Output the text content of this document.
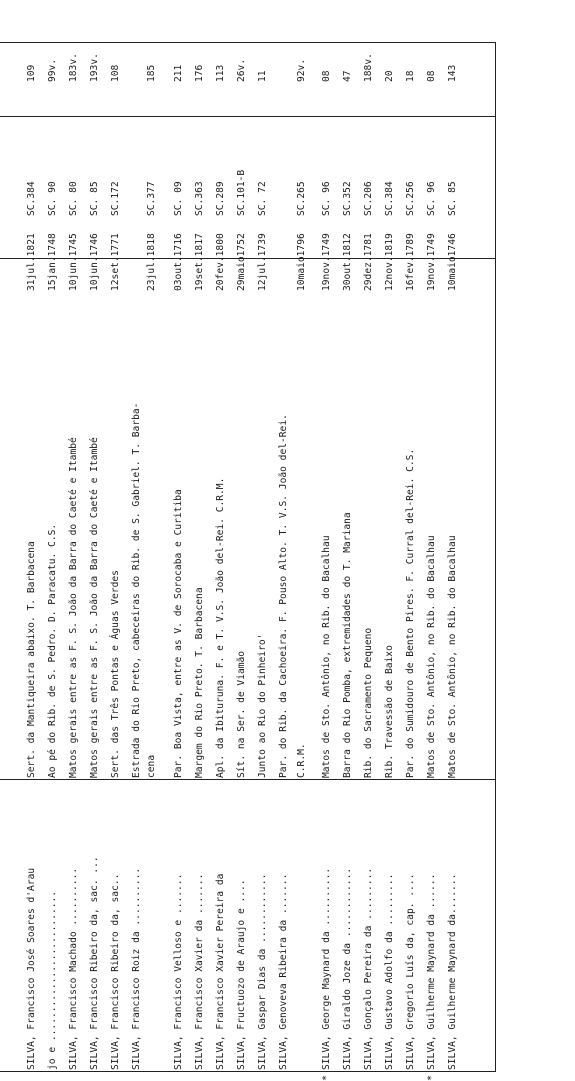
SILVA, Francisco José Soares d'Arau
Sert. da Mantiqueira abaixo. T. Barbacena
31jul.1821
SC.384
109
jo e ..........................
Ao pé do Rib. de S. Pedro. D. Paracatu. C.S.
15jan.1748
SC. 90
99v.
SILVA, Francisco Machado ..........
Matos gerais entre as F. S. João da Barra do Caeté e Itambé
10jun.1745
SC. 80
183v.
SILVA, Francisco Ribeiro da, sac. ...
Matos gerais entre as F. S. João da Barra do Caeté e Itambé
10jun.1746
SC. 85
193v.
SILVA, Francisco Ribeiro da, sac..
Sert. das Três Pontas e Águas Verdes
12set.1771
SC.172
108
SILVA, Francisco Roiz da ..........
Estrada do Rio Preto, cabeceiras do Rib. de S. Gabriel. T. Barba- cena
23jul.1818
SC.377
185
SILVA, Francisco Velloso e .......
Par. Boa Vista, entre as V. de Sorocaba e Curitiba
03out.1716
SC. 09
211
SILVA, Francisco Xavier da .......
Margem do Rio Preto. T. Barbacena
19set.1817
SC.363
176
SILVA, Francisco Xavier Pereira da
Apl. da Ibituruna. F. e T. V.S. João del-Rei. C.R.M.
20fev.1800
SC.289
113
SILVA, Fructuozo de Araujo e ....
Sít. na Ser. de Viamão
29maio1752
SC.101-B
26v.
SILVA, Gaspar Dias da ............
Junto ao Rio do Pinheiro'
12jul.1739
SC. 72
11
SILVA, Genoveva Ribeira da .......
Par. do Rib. da Cachoeira. F. Pouso Alto. T. V.S. João del-Rei. C.R.M.
10maio1796
SC.265
92v.
SILVA, George Maynard da ..........
Matos de Sto. Antônio, no Rib. do Bacalhau
19nov.1749
SC. 96
08
*
SILVA, Giraldo Joze da ............
Barra do Rio Pomba, extremidades do T. Mariana
30out.1812
SC.352
47
SILVA, Gonçalo Pereira da .........
Rib. do Sacramento Pequeno
29dez.1781
SC.206
188v.
SILVA, Gustavo Adolfo da .........
Rib. Travessão de Baixo
12nov.1819
SC.384
20
SILVA, Gregorio Luís da, cap. ....
Par. do Sumidouro de Bento Pires. F. Curral del-Rei. C.S.
16fev.1789
SC.256
18
SILVA, Guilherme Maynard da ......
Matos de Sto. Antônio, no Rib. do Bacalhau
19nov.1749
SC. 96
08
*
SILVA, Guilherme Maynard da.......
Matos de Sto. Antônio, no Rib. do Bacalhau
10maio1746
SC. 85
143
